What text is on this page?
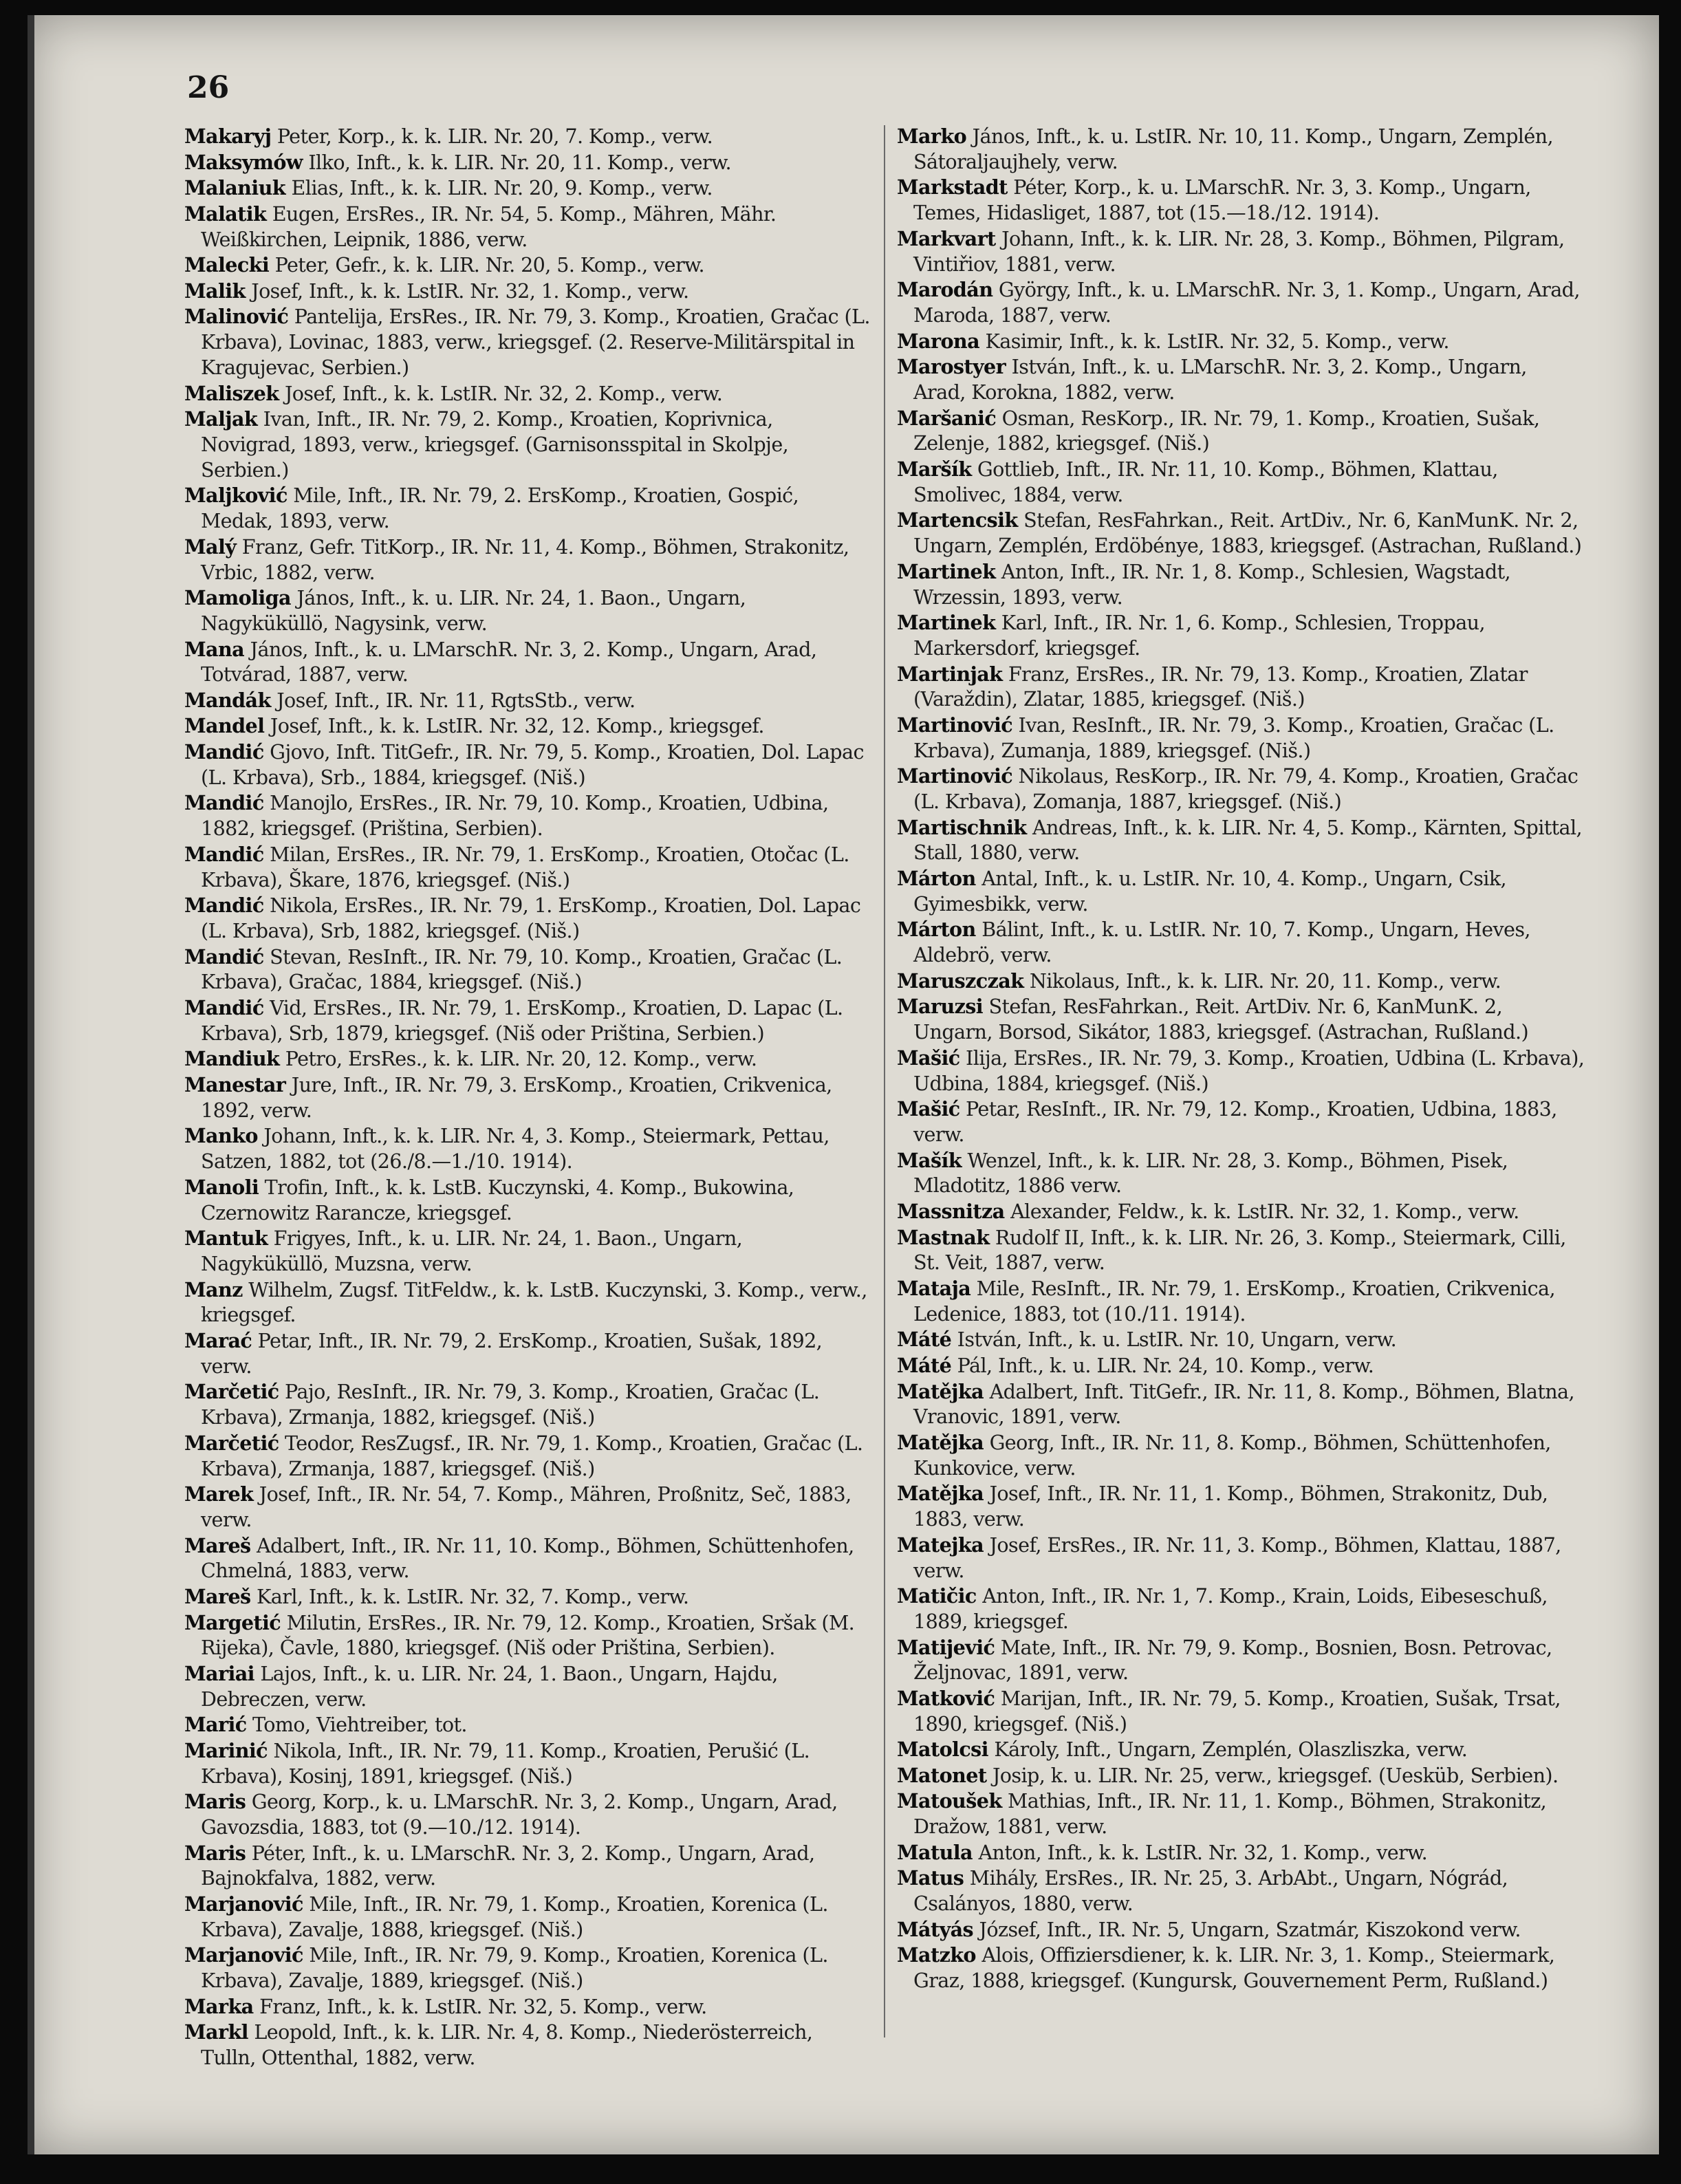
26

Makaryj Peter, Korp., k. k. LIR. Nr. 20, 7. Komp., verw.

Maksymów Ilko, Inft., k. k. LIR. Nr. 20, 11. Komp., verw.

Malaniuk Elias, Inft., k. k. LIR. Nr. 20, 9. Komp., verw.

Malatik Eugen, ErsRes., IR. Nr. 54, 5. Komp., Mähren, Mähr. Weißkirchen, Leipnik, 1886, verw.

Malecki Peter, Gefr., k. k. LIR. Nr. 20, 5. Komp., verw.

Malik Josef, Inft., k. k. LstIR. Nr. 32, 1. Komp., verw.

Malinović Pantelija, ErsRes., IR. Nr. 79, 3. Komp., Kroatien, Gračac (L. Krbava), Lovinac, 1883, verw., kriegsgef. (2. Reserve-Militärspital in Kragujevac, Serbien.)

Maliszek Josef, Inft., k. k. LstIR. Nr. 32, 2. Komp., verw.

Maljak Ivan, Inft., IR. Nr. 79, 2. Komp., Kroatien, Koprivnica, Novigrad, 1893, verw., kriegsgef. (Garnisonsspital in Skolpje, Serbien.)

Maljković Mile, Inft., IR. Nr. 79, 2. ErsKomp., Kroatien, Gospić, Medak, 1893, verw.

Malý Franz, Gefr. TitKorp., IR. Nr. 11, 4. Komp., Böhmen, Strakonitz, Vrbic, 1882, verw.

Mamoliga János, Inft., k. u. LIR. Nr. 24, 1. Baon., Ungarn, Nagyküküllö, Nagysink, verw.

Mana János, Inft., k. u. LMarschR. Nr. 3, 2. Komp., Ungarn, Arad, Totvárad, 1887, verw.

Mandák Josef, Inft., IR. Nr. 11, RgtsStb., verw.

Mandel Josef, Inft., k. k. LstIR. Nr. 32, 12. Komp., kriegsgef.

Mandić Gjovo, Inft. TitGefr., IR. Nr. 79, 5. Komp., Kroatien, Dol. Lapac (L. Krbava), Srb., 1884, kriegsgef. (Niš.)

Mandić Manojlo, ErsRes., IR. Nr. 79, 10. Komp., Kroatien, Udbina, 1882, kriegsgef. (Priština, Serbien).

Mandić Milan, ErsRes., IR. Nr. 79, 1. ErsKomp., Kroatien, Otočac (L. Krbava), Škare, 1876, kriegsgef. (Niš.)

Mandić Nikola, ErsRes., IR. Nr. 79, 1. ErsKomp., Kroatien, Dol. Lapac (L. Krbava), Srb, 1882, kriegsgef. (Niš.)

Mandić Stevan, ResInft., IR. Nr. 79, 10. Komp., Kroatien, Gračac (L. Krbava), Gračac, 1884, kriegsgef. (Niš.)

Mandić Vid, ErsRes., IR. Nr. 79, 1. ErsKomp., Kroatien, D. Lapac (L. Krbava), Srb, 1879, kriegsgef. (Niš oder Priština, Serbien.)

Mandiuk Petro, ErsRes., k. k. LIR. Nr. 20, 12. Komp., verw.

Manestar Jure, Inft., IR. Nr. 79, 3. ErsKomp., Kroatien, Crikvenica, 1892, verw.

Manko Johann, Inft., k. k. LIR. Nr. 4, 3. Komp., Steiermark, Pettau, Satzen, 1882, tot (26./8.—1./10. 1914).

Manoli Trofin, Inft., k. k. LstB. Kuczynski, 4. Komp., Bukowina, Czernowitz Rarancze, kriegsgef.

Mantuk Frigyes, Inft., k. u. LIR. Nr. 24, 1. Baon., Ungarn, Nagyküküllö, Muzsna, verw.

Manz Wilhelm, Zugsf. TitFeldw., k. k. LstB. Kuczynski, 3. Komp., verw., kriegsgef.

Marać Petar, Inft., IR. Nr. 79, 2. ErsKomp., Kroatien, Sušak, 1892, verw.

Marčetić Pajo, ResInft., IR. Nr. 79, 3. Komp., Kroatien, Gračac (L. Krbava), Zrmanja, 1882, kriegsgef. (Niš.)

Marčetić Teodor, ResZugsf., IR. Nr. 79, 1. Komp., Kroatien, Gračac (L. Krbava), Zrmanja, 1887, kriegsgef. (Niš.)

Marek Josef, Inft., IR. Nr. 54, 7. Komp., Mähren, Proßnitz, Seč, 1883, verw.

Mareš Adalbert, Inft., IR. Nr. 11, 10. Komp., Böhmen, Schüttenhofen, Chmelná, 1883, verw.

Mareš Karl, Inft., k. k. LstIR. Nr. 32, 7. Komp., verw.

Margetić Milutin, ErsRes., IR. Nr. 79, 12. Komp., Kroatien, Sršak (M. Rijeka), Čavle, 1880, kriegsgef. (Niš oder Priština, Serbien).

Mariai Lajos, Inft., k. u. LIR. Nr. 24, 1. Baon., Ungarn, Hajdu, Debreczen, verw.

Marić Tomo, Viehtreiber, tot.

Marinić Nikola, Inft., IR. Nr. 79, 11. Komp., Kroatien, Perušić (L. Krbava), Kosinj, 1891, kriegsgef. (Niš.)

Maris Georg, Korp., k. u. LMarschR. Nr. 3, 2. Komp., Ungarn, Arad, Gavozsdia, 1883, tot (9.—10./12. 1914).

Maris Péter, Inft., k. u. LMarschR. Nr. 3, 2. Komp., Ungarn, Arad, Bajnokfalva, 1882, verw.

Marjanović Mile, Inft., IR. Nr. 79, 1. Komp., Kroatien, Korenica (L. Krbava), Zavalje, 1888, kriegsgef. (Niš.)

Marjanović Mile, Inft., IR. Nr. 79, 9. Komp., Kroatien, Korenica (L. Krbava), Zavalje, 1889, kriegsgef. (Niš.)

Marka Franz, Inft., k. k. LstIR. Nr. 32, 5. Komp., verw.

Markl Leopold, Inft., k. k. LIR. Nr. 4, 8. Komp., Niederösterreich, Tulln, Ottenthal, 1882, verw.

Marko János, Inft., k. u. LstIR. Nr. 10, 11. Komp., Ungarn, Zemplén, Sátoraljaujhely, verw.

Markstadt Péter, Korp., k. u. LMarschR. Nr. 3, 3. Komp., Ungarn, Temes, Hidasliget, 1887, tot (15.—18./12. 1914).

Markvart Johann, Inft., k. k. LIR. Nr. 28, 3. Komp., Böhmen, Pilgram, Vintiřiov, 1881, verw.

Marodán György, Inft., k. u. LMarschR. Nr. 3, 1. Komp., Ungarn, Arad, Maroda, 1887, verw.

Marona Kasimir, Inft., k. k. LstIR. Nr. 32, 5. Komp., verw.

Marostyer István, Inft., k. u. LMarschR. Nr. 3, 2. Komp., Ungarn, Arad, Korokna, 1882, verw.

Maršanić Osman, ResKorp., IR. Nr. 79, 1. Komp., Kroatien, Sušak, Zelenje, 1882, kriegsgef. (Niš.)

Maršík Gottlieb, Inft., IR. Nr. 11, 10. Komp., Böhmen, Klattau, Smolivec, 1884, verw.

Martencsik Stefan, ResFahrkan., Reit. ArtDiv., Nr. 6, KanMunK. Nr. 2, Ungarn, Zemplén, Erdöbénye, 1883, kriegsgef. (Astrachan, Rußland.)

Martinek Anton, Inft., IR. Nr. 1, 8. Komp., Schlesien, Wagstadt, Wrzessin, 1893, verw.

Martinek Karl, Inft., IR. Nr. 1, 6. Komp., Schlesien, Troppau, Markersdorf, kriegsgef.

Martinjak Franz, ErsRes., IR. Nr. 79, 13. Komp., Kroatien, Zlatar (Varaždin), Zlatar, 1885, kriegsgef. (Niš.)

Martinović Ivan, ResInft., IR. Nr. 79, 3. Komp., Kroatien, Gračac (L. Krbava), Zumanja, 1889, kriegsgef. (Niš.)

Martinović Nikolaus, ResKorp., IR. Nr. 79, 4. Komp., Kroatien, Gračac (L. Krbava), Zomanja, 1887, kriegsgef. (Niš.)

Martischnik Andreas, Inft., k. k. LIR. Nr. 4, 5. Komp., Kärnten, Spittal, Stall, 1880, verw.

Márton Antal, Inft., k. u. LstIR. Nr. 10, 4. Komp., Ungarn, Csik, Gyimesbikk, verw.

Márton Bálint, Inft., k. u. LstIR. Nr. 10, 7. Komp., Ungarn, Heves, Aldebrö, verw.

Maruszczak Nikolaus, Inft., k. k. LIR. Nr. 20, 11. Komp., verw.

Maruzsi Stefan, ResFahrkan., Reit. ArtDiv. Nr. 6, KanMunK. 2, Ungarn, Borsod, Sikátor, 1883, kriegsgef. (Astrachan, Rußland.)

Mašić Ilija, ErsRes., IR. Nr. 79, 3. Komp., Kroatien, Udbina (L. Krbava), Udbina, 1884, kriegsgef. (Niš.)

Mašić Petar, ResInft., IR. Nr. 79, 12. Komp., Kroatien, Udbina, 1883, verw.

Mašík Wenzel, Inft., k. k. LIR. Nr. 28, 3. Komp., Böhmen, Pisek, Mladotitz, 1886 verw.

Massnitza Alexander, Feldw., k. k. LstIR. Nr. 32, 1. Komp., verw.

Mastnak Rudolf II, Inft., k. k. LIR. Nr. 26, 3. Komp., Steiermark, Cilli, St. Veit, 1887, verw.

Mataja Mile, ResInft., IR. Nr. 79, 1. ErsKomp., Kroatien, Crikvenica, Ledenice, 1883, tot (10./11. 1914).

Máté István, Inft., k. u. LstIR. Nr. 10, Ungarn, verw.

Máté Pál, Inft., k. u. LIR. Nr. 24, 10. Komp., verw.

Matějka Adalbert, Inft. TitGefr., IR. Nr. 11, 8. Komp., Böhmen, Blatna, Vranovic, 1891, verw.

Matějka Georg, Inft., IR. Nr. 11, 8. Komp., Böhmen, Schüttenhofen, Kunkovice, verw.

Matějka Josef, Inft., IR. Nr. 11, 1. Komp., Böhmen, Strakonitz, Dub, 1883, verw.

Matejka Josef, ErsRes., IR. Nr. 11, 3. Komp., Böhmen, Klattau, 1887, verw.

Matičic Anton, Inft., IR. Nr. 1, 7. Komp., Krain, Loids, Eibeseschuß, 1889, kriegsgef.

Matijević Mate, Inft., IR. Nr. 79, 9. Komp., Bosnien, Bosn. Petrovac, Željnovac, 1891, verw.

Matković Marijan, Inft., IR. Nr. 79, 5. Komp., Kroatien, Sušak, Trsat, 1890, kriegsgef. (Niš.)

Matolcsi Károly, Inft., Ungarn, Zemplén, Olaszliszka, verw.

Matonet Josip, k. u. LIR. Nr. 25, verw., kriegsgef. (Uesküb, Serbien).

Matoušek Mathias, Inft., IR. Nr. 11, 1. Komp., Böhmen, Strakonitz, Dražow, 1881, verw.

Matula Anton, Inft., k. k. LstIR. Nr. 32, 1. Komp., verw.

Matus Mihály, ErsRes., IR. Nr. 25, 3. ArbAbt., Ungarn, Nógrád, Csalányos, 1880, verw.

Mátyás József, Inft., IR. Nr. 5, Ungarn, Szatmár, Kiszokond verw.

Matzko Alois, Offiziersdiener, k. k. LIR. Nr. 3, 1. Komp., Steiermark, Graz, 1888, kriegsgef. (Kungursk, Gouvernement Perm, Rußland.)
